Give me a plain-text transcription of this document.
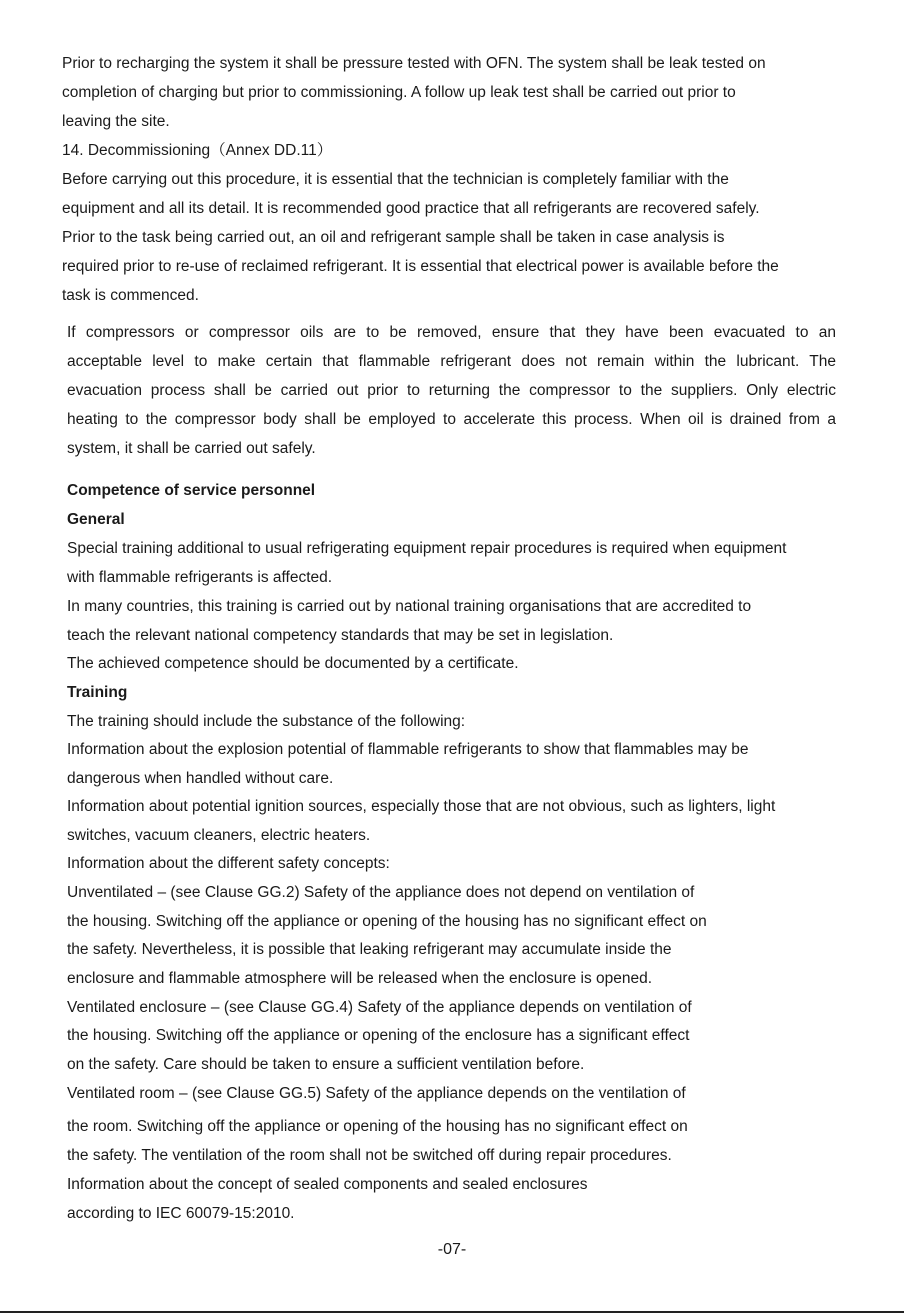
Prior to recharging the system it shall be pressure tested with OFN. The system shall be leak tested on
completion of charging but prior to commissioning. A follow up leak test shall be carried out prior to
leaving the site.
14. Decommissioning（Annex DD.11）
Before carrying out this procedure, it is essential that the technician is completely familiar with the
equipment and all its detail. It is recommended good practice that all refrigerants are recovered safely.
Prior to the task being carried out, an oil and refrigerant sample shall be taken in case analysis is
required prior to re-use of reclaimed refrigerant. It is essential that electrical power is available before the
task is commenced.
If compressors or compressor oils are to be removed, ensure that they have been evacuated to an
acceptable level to make certain that flammable refrigerant does not remain within the lubricant. The
evacuation process shall be carried out prior to returning the compressor to the suppliers. Only electric
heating to the compressor body shall be employed to accelerate this process. When oil is drained from a
system, it shall be carried out safely.
Competence of service personnel
General
Special training additional to usual refrigerating equipment repair procedures is required when equipment
with flammable refrigerants is affected.
In many countries, this training is carried out by national training organisations that are accredited to
teach the relevant national competency standards that may be set in legislation.
The achieved competence should be documented by a certificate.
Training
The training should include the substance of the following:
Information about the explosion potential of flammable refrigerants to show that flammables may be
dangerous when handled without care.
Information about potential ignition sources, especially those that are not obvious, such as lighters, light
switches, vacuum cleaners, electric heaters.
Information about the different safety concepts:
Unventilated – (see Clause GG.2) Safety of the appliance does not depend on ventilation of
the housing. Switching off the appliance or opening of the housing has no significant effect on
the safety. Nevertheless, it is possible that leaking refrigerant may accumulate inside the
enclosure and flammable atmosphere will be released when the enclosure is opened.
Ventilated enclosure – (see Clause GG.4) Safety of the appliance depends on ventilation of
the housing. Switching off the appliance or opening of the enclosure has a significant effect
on the safety. Care should be taken to ensure a sufficient ventilation before.
Ventilated room – (see Clause GG.5) Safety of the appliance depends on the ventilation of
the room. Switching off the appliance or opening of the housing has no significant effect on
the safety. The ventilation of the room shall not be switched off during repair procedures.
Information about the concept of sealed components and sealed enclosures
according to IEC 60079-15:2010.
-07-
